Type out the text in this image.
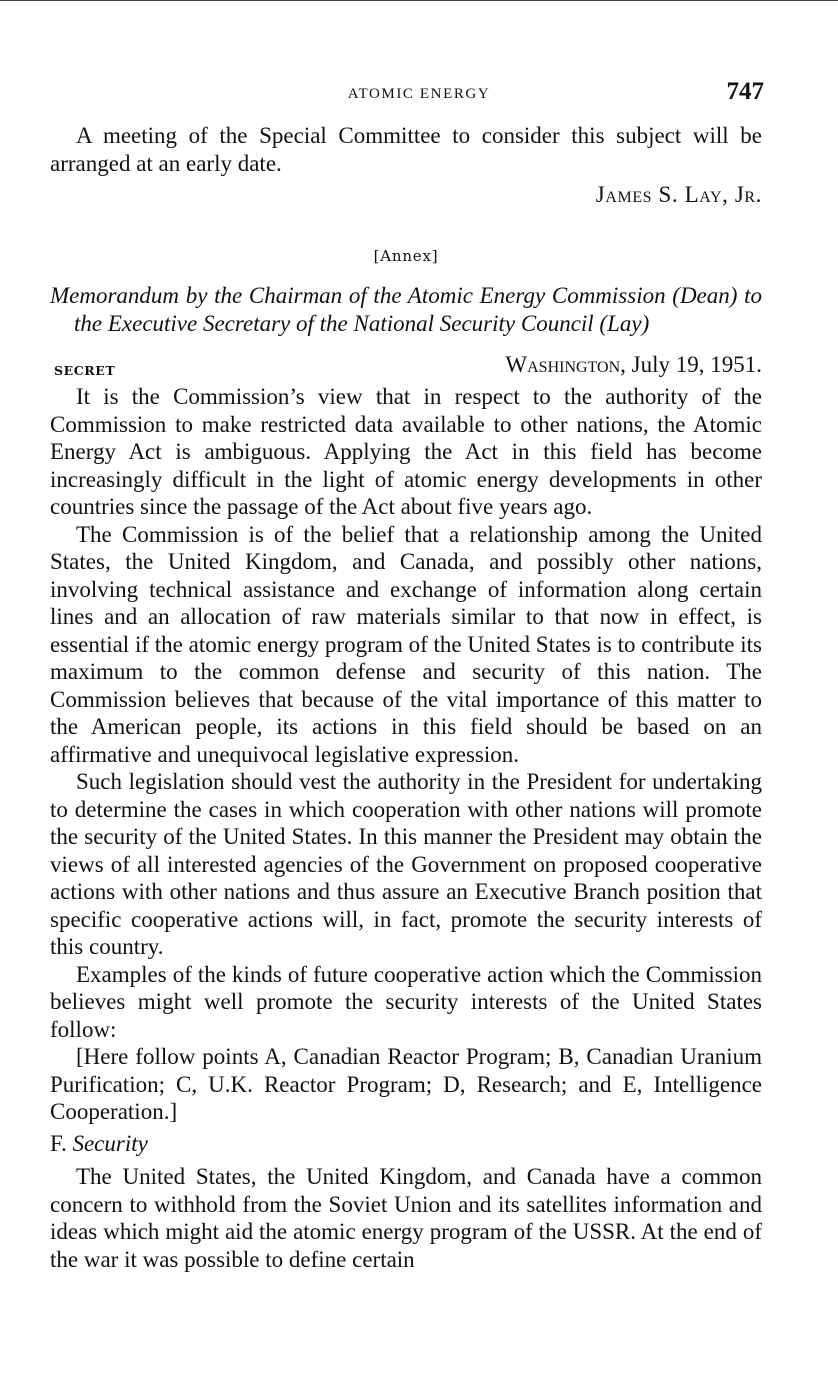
ATOMIC ENERGY	747

A meeting of the Special Committee to consider this subject will be arranged at an early date.

James S. Lay, Jr.
[Annex]
Memorandum by the Chairman of the Atomic Energy Commission (Dean) to the Executive Secretary of the National Security Council (Lay)
SECRET	Washington, July 19, 1951.

It is the Commission’s view that in respect to the authority of the Commission to make restricted data available to other nations, the Atomic Energy Act is ambiguous. Applying the Act in this field has become increasingly difficult in the light of atomic energy developments in other countries since the passage of the Act about five years ago.

The Commission is of the belief that a relationship among the United States, the United Kingdom, and Canada, and possibly other nations, involving technical assistance and exchange of information along certain lines and an allocation of raw materials similar to that now in effect, is essential if the atomic energy program of the United States is to contribute its maximum to the common defense and security of this nation. The Commission believes that because of the vital importance of this matter to the American people, its actions in this field should be based on an affirmative and unequivocal legislative expression.

Such legislation should vest the authority in the President for undertaking to determine the cases in which cooperation with other nations will promote the security of the United States. In this manner the President may obtain the views of all interested agencies of the Government on proposed cooperative actions with other nations and thus assure an Executive Branch position that specific cooperative actions will, in fact, promote the security interests of this country.

Examples of the kinds of future cooperative action which the Commission believes might well promote the security interests of the United States follow:

[Here follow points A, Canadian Reactor Program; B, Canadian Uranium Purification; C, U.K. Reactor Program; D, Research; and E, Intelligence Cooperation.]

F. Security

The United States, the United Kingdom, and Canada have a common concern to withhold from the Soviet Union and its satellites information and ideas which might aid the atomic energy program of the USSR. At the end of the war it was possible to define certain
